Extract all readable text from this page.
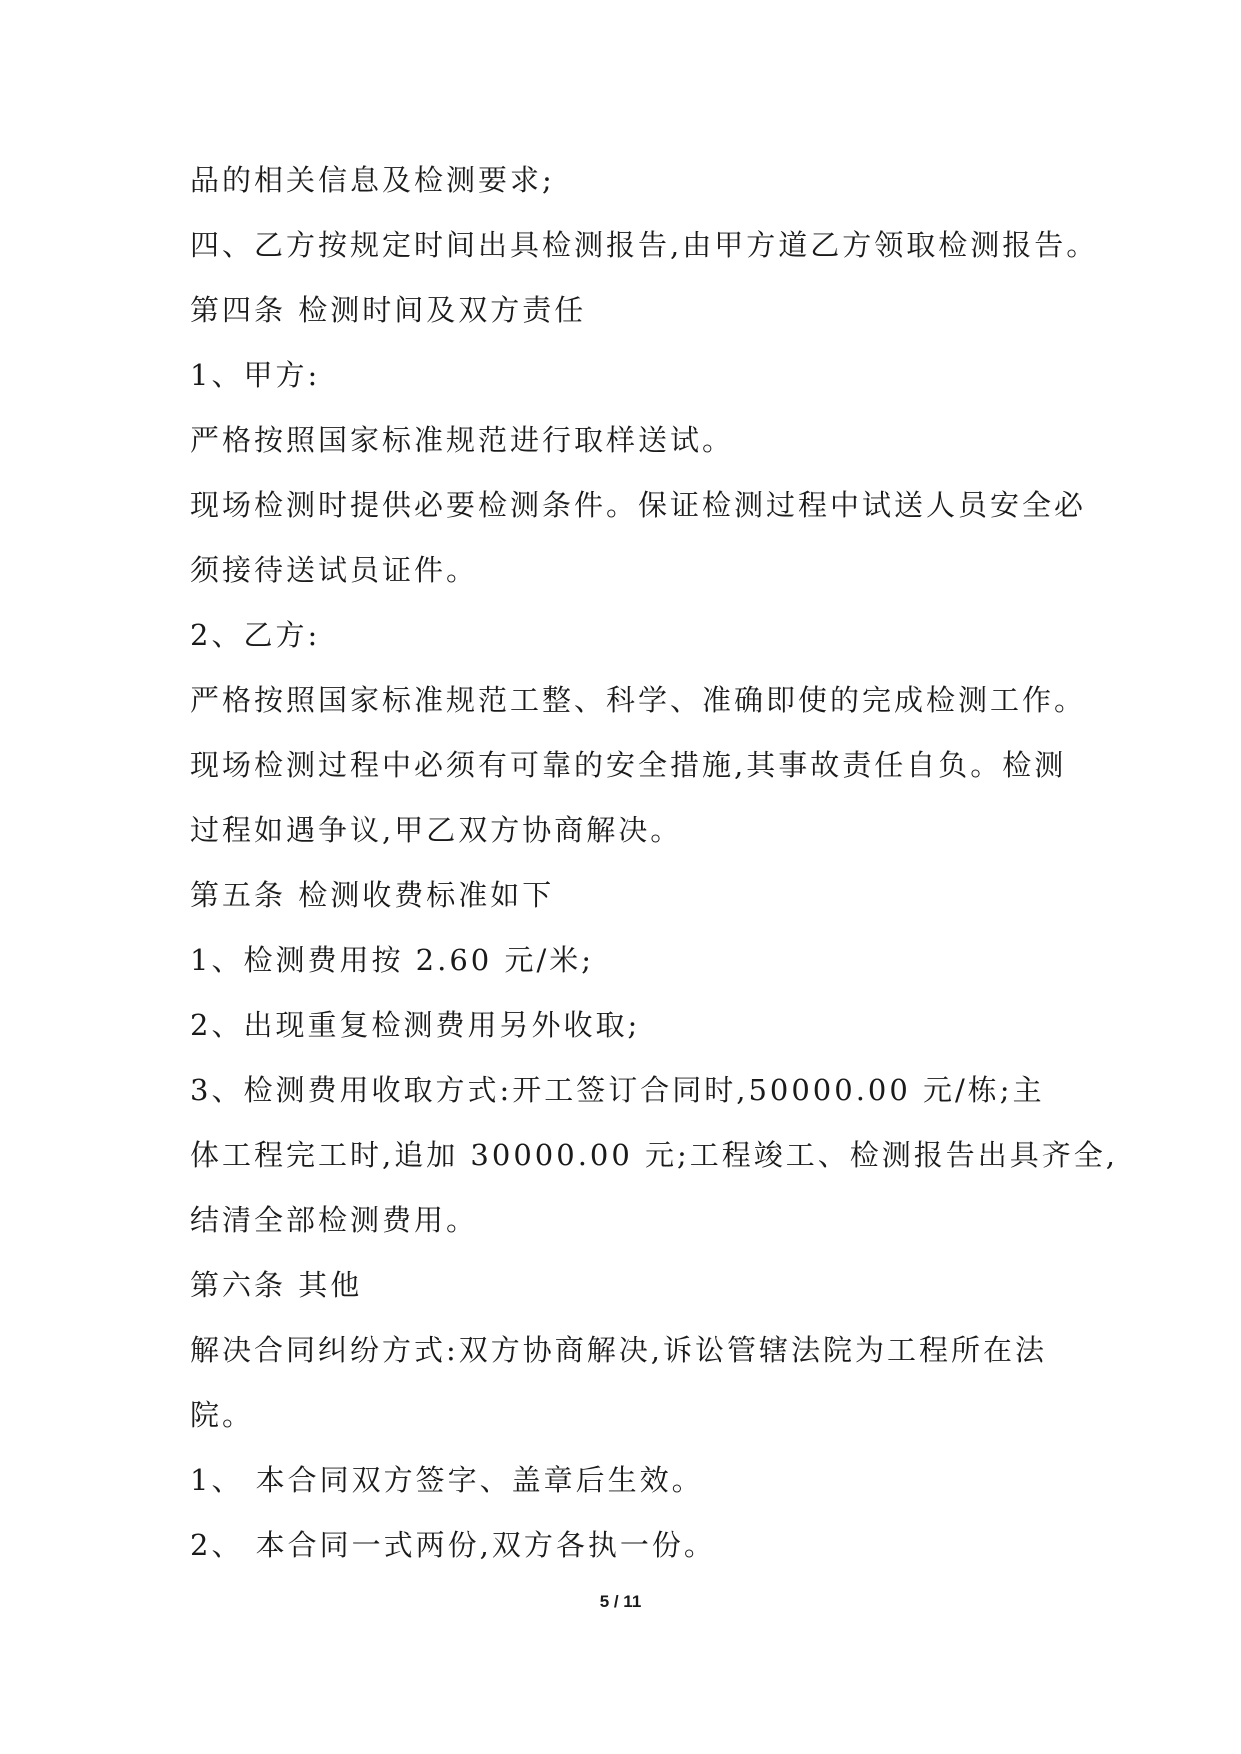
品的相关信息及检测要求;
四、乙方按规定时间出具检测报告,由甲方道乙方领取检测报告。
第四条 检测时间及双方责任
1、甲方:
严格按照国家标准规范进行取样送试。
现场检测时提供必要检测条件。保证检测过程中试送人员安全必
须接待送试员证件。
2、乙方:
严格按照国家标准规范工整、科学、准确即使的完成检测工作。
现场检测过程中必须有可靠的安全措施,其事故责任自负。检测
过程如遇争议,甲乙双方协商解决。
第五条 检测收费标准如下
1、检测费用按 2.60 元/米;
2、出现重复检测费用另外收取;
3、检测费用收取方式:开工签订合同时,50000.00 元/栋;主
体工程完工时,追加 30000.00 元;工程竣工、检测报告出具齐全,
结清全部检测费用。
第六条 其他
解决合同纠纷方式:双方协商解决,诉讼管辖法院为工程所在法
院。
1、 本合同双方签字、盖章后生效。
2、 本合同一式两份,双方各执一份。
5 / 11
